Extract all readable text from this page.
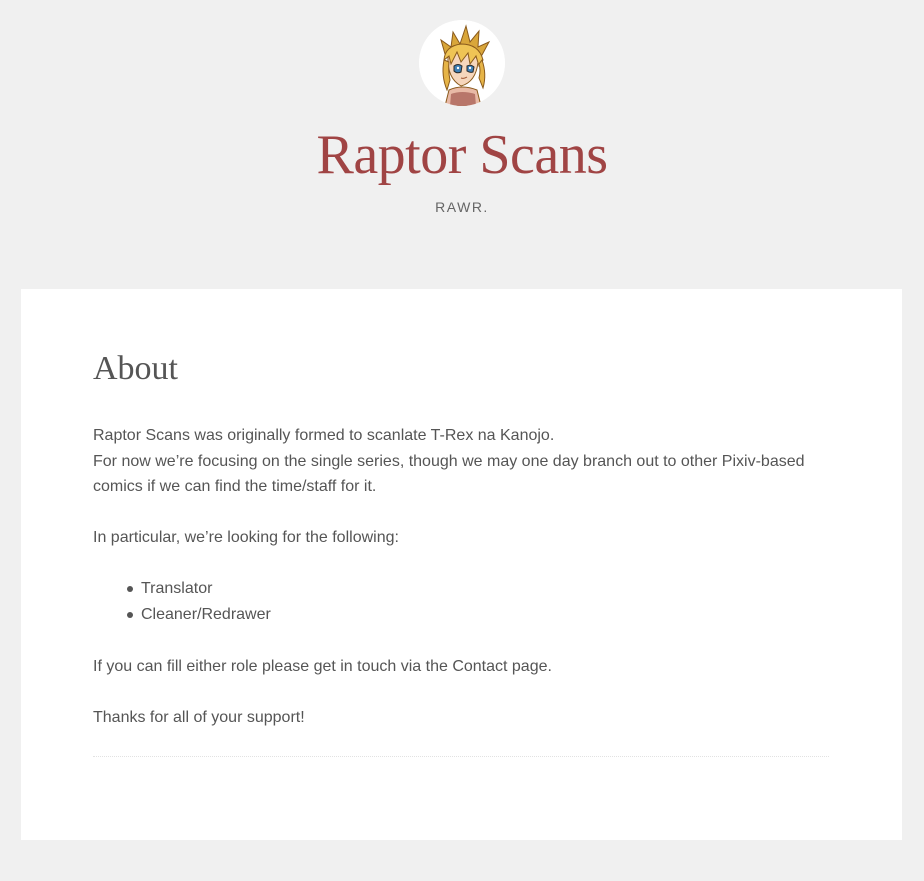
Raptor Scans
RAWR.
About

Raptor Scans was originally formed to scanlate T-Rex na Kanojo.
For now we’re focusing on the single series, though we may one day branch out to other Pixiv-based comics if we can find the time/staff for it.

In particular, we’re looking for the following:

Translator
Cleaner/Redrawer

If you can fill either role please get in touch via the Contact page.

Thanks for all of your support!
